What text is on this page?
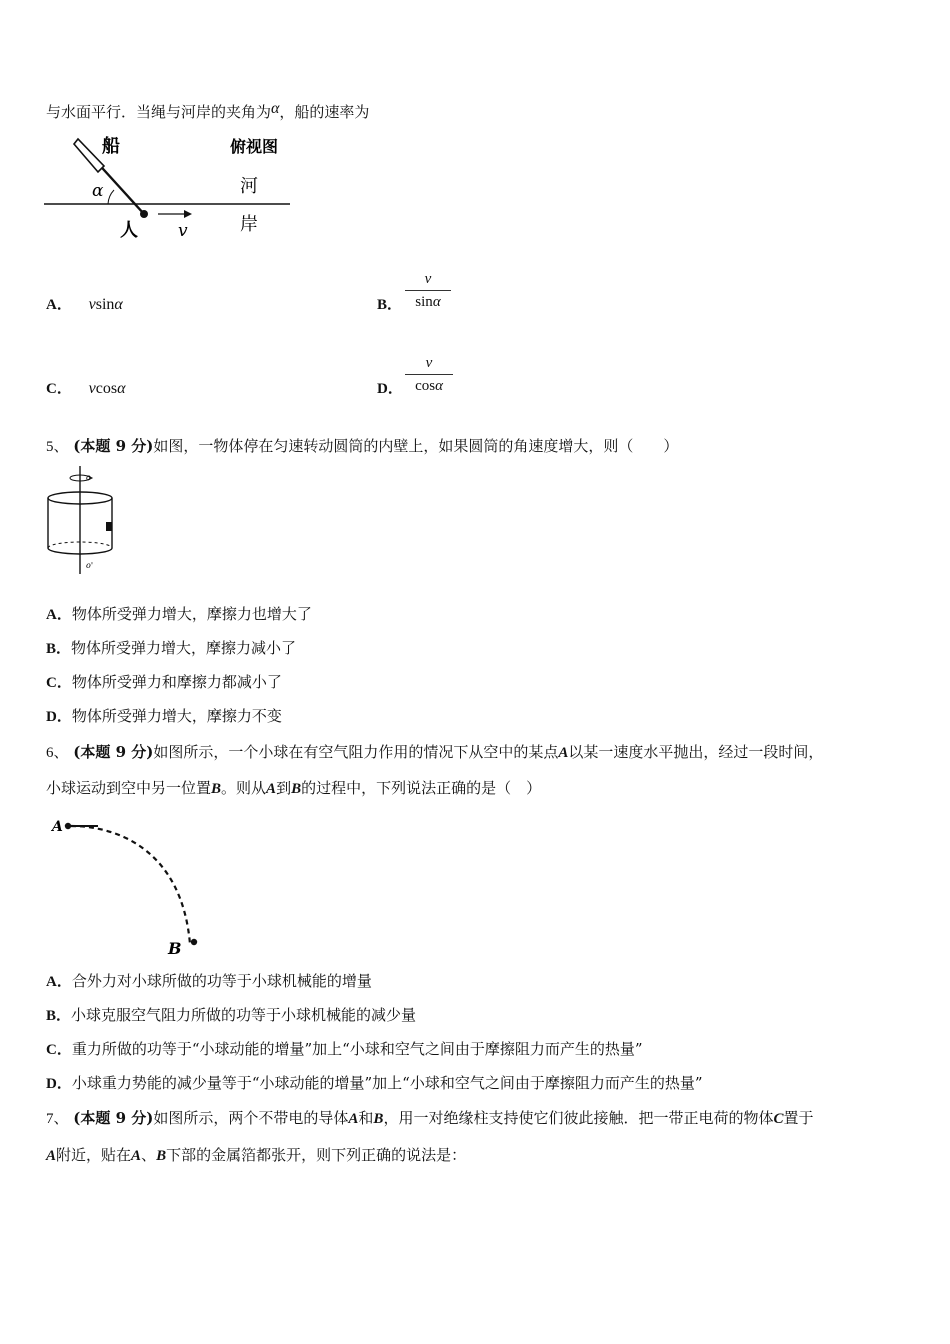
与水面平行．当绳与河岸的夹角为α，船的速率为
船	俯视图
河
岸
人
α
v
A． vsinα	B．
v
sinα
C． vcosα	D．
v
cosα
5、 (本题 9 分)如图，一物体停在匀速转动圆筒的内壁上，如果圆筒的角速度增大，则（　　）
o
o'
A．物体所受弹力增大，摩擦力也增大了
B．物体所受弹力增大，摩擦力减小了
C．物体所受弹力和摩擦力都减小了
D．物体所受弹力增大，摩擦力不变
6、 (本题 9 分)如图所示，一个小球在有空气阻力作用的情况下从空中的某点A以某一速度水平抛出，经过一段时间，
小球运动到空中另一位置B。则从A到B的过程中，下列说法正确的是（　）
A
B
A．合外力对小球所做的功等于小球机械能的增量
B．小球克服空气阻力所做的功等于小球机械能的减少量
C．重力所做的功等于“小球动能的增量”加上“小球和空气之间由于摩擦阻力而产生的热量”
D．小球重力势能的减少量等于“小球动能的增量”加上“小球和空气之间由于摩擦阻力而产生的热量”
7、 (本题 9 分)如图所示，两个不带电的导体A和B，用一对绝缘柱支持使它们彼此接触．把一带正电荷的物体C置于
A附近，贴在A、B下部的金属箔都张开，则下列正确的说法是：
